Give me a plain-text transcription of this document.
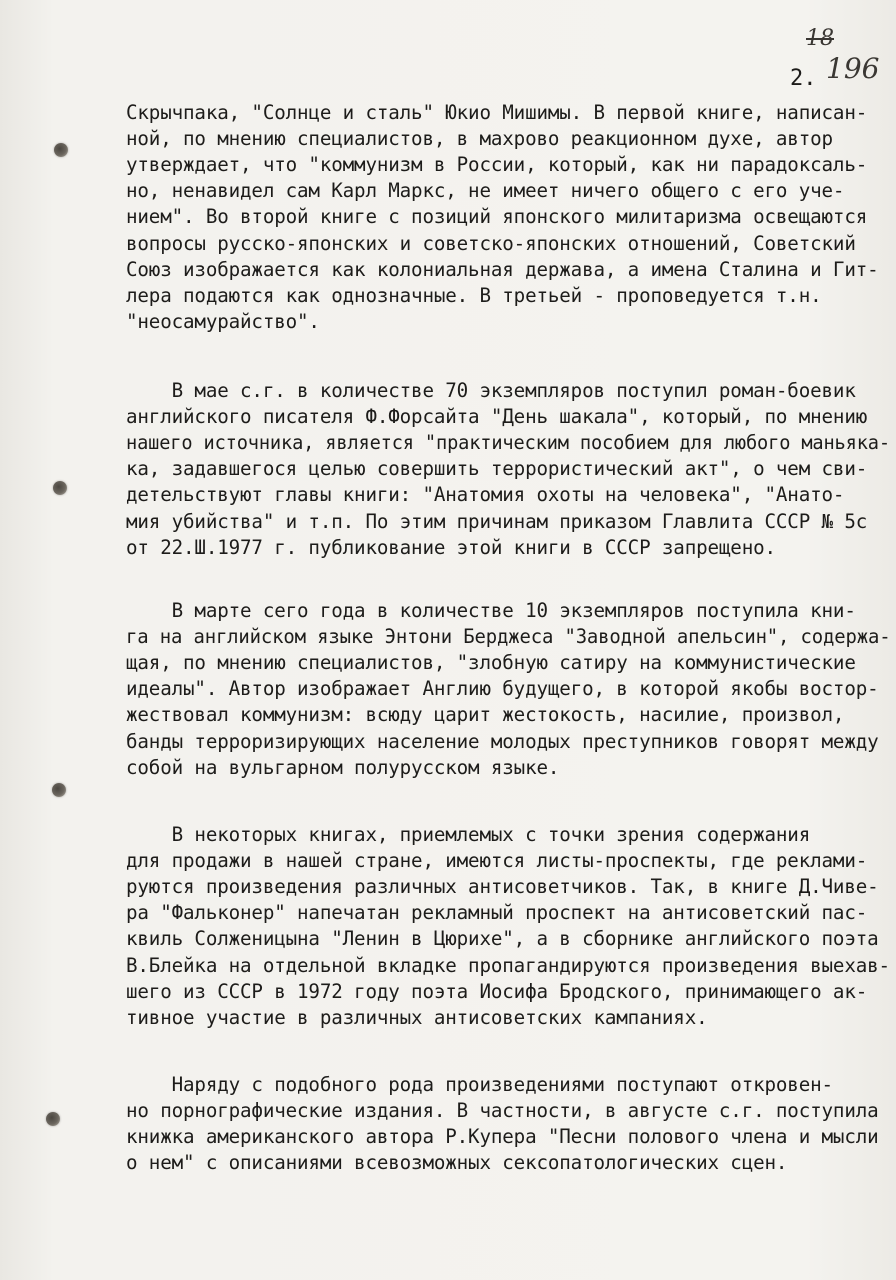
18
196
2.
Скрычпака, "Солнце и сталь" Юкио Мишимы. В первой книге, написан-
ной, по мнению специалистов, в махрово реакционном духе, автор
утверждает, что "коммунизм в России, который, как ни парадоксаль-
но, ненавидел сам Карл Маркс, не имеет ничего общего с его уче-
нием". Во второй книге с позиций японского милитаризма освещаются
вопросы русско-японских и советско-японских отношений, Советский
Союз изображается как колониальная держава, а имена Сталина и Гит-
лера подаются как однозначные. В третьей - проповедуется т.н.
"неосамурайство".
В мае с.г. в количестве 70 экземпляров поступил роман-боевик
английского писателя Ф.Форсайта "День шакала", который, по мнению
нашего источника, является "практическим пособием для любого маньяка-
ка, задавшегося целью совершить террористический акт", о чем сви-
детельствуют главы книги: "Анатомия охоты на человека", "Анато-
мия убийства" и т.п. По этим причинам приказом Главлита СССР № 5с
от 22.Ш.1977 г. публикование этой книги в СССР запрещено.
В марте сего года в количестве 10 экземпляров поступила кни-
га на английском языке Энтони Берджеса "Заводной апельсин", содержа-
щая, по мнению специалистов, "злобную сатиру на коммунистические
идеалы". Автор изображает Англию будущего, в которой якобы востор-
жествовал коммунизм: всюду царит жестокость, насилие, произвол,
банды терроризирующих население молодых преступников говорят между
собой на вульгарном полурусском языке.
В некоторых книгах, приемлемых с точки зрения содержания
для продажи в нашей стране, имеются листы-проспекты, где реклами-
руются произведения различных антисоветчиков. Так, в книге Д.Чиве-
ра "Фальконер" напечатан рекламный проспект на антисоветский пас-
квиль Солженицына "Ленин в Цюрихе", а в сборнике английского поэта
В.Блейка на отдельной вкладке пропагандируются произведения выехав-
шего из СССР в 1972 году поэта Иосифа Бродского, принимающего ак-
тивное участие в различных антисоветских кампаниях.
Наряду с подобного рода произведениями поступают откровен-
но порнографические издания. В частности, в августе с.г. поступила
книжка американского автора Р.Купера "Песни полового члена и мысли
о нем" с описаниями всевозможных сексопатологических сцен.
